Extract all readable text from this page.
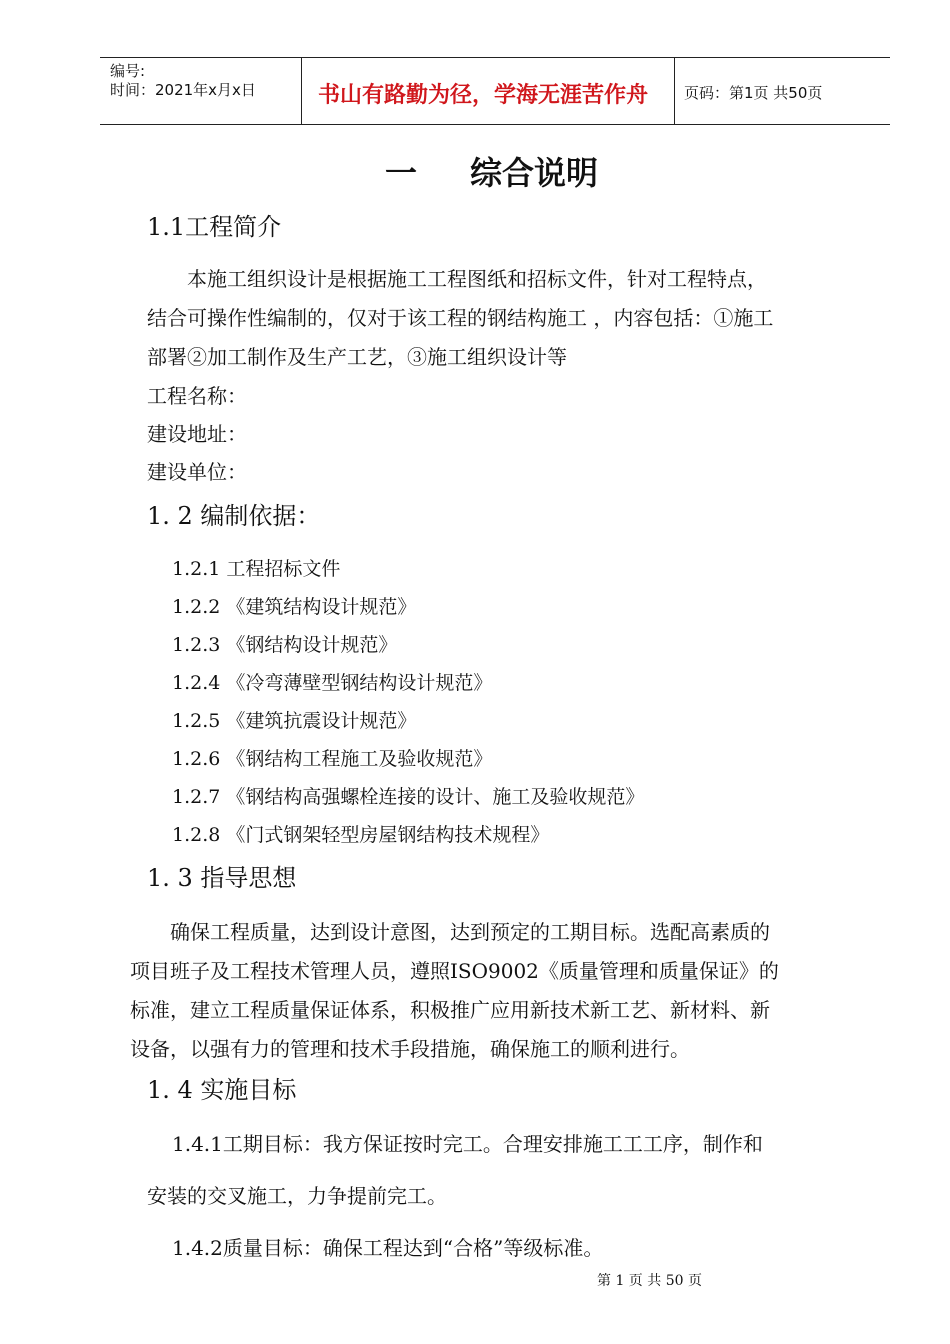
编号:
时间：2021年x月x日	书山有路勤为径，学海无涯苦作舟 页码：第1页 共50页
一 综合说明
1.1工程简介
本施工组织设计是根据施工工程图纸和招标文件，针对工程特点，
结合可操作性编制的，仅对于该工程的钢结构施工 ，内容包括：①施工
部署②加工制作及生产工艺，③施工组织设计等
工程名称：
建设地址：
建设单位：
1. 2 编制依据：
1.2.1 工程招标文件
1.2.2 《建筑结构设计规范》
1.2.3 《钢结构设计规范》
1.2.4 《冷弯薄壁型钢结构设计规范》
1.2.5 《建筑抗震设计规范》
1.2.6 《钢结构工程施工及验收规范》
1.2.7 《钢结构高强螺栓连接的设计、施工及验收规范》
1.2.8 《门式钢架轻型房屋钢结构技术规程》
1. 3 指导思想
确保工程质量，达到设计意图，达到预定的工期目标。选配高素质的
项目班子及工程技术管理人员，遵照ISO9002《质量管理和质量保证》的
标准，建立工程质量保证体系，积极推广应用新技术新工艺、新材料、新
设备，以强有力的管理和技术手段措施，确保施工的顺利进行。
1. 4 实施目标
1.4.1工期目标：我方保证按时完工。合理安排施工工工序，制作和
安装的交叉施工，力争提前完工。
1.4.2质量目标：确保工程达到“合格”等级标准。
第 1 页 共 50 页
